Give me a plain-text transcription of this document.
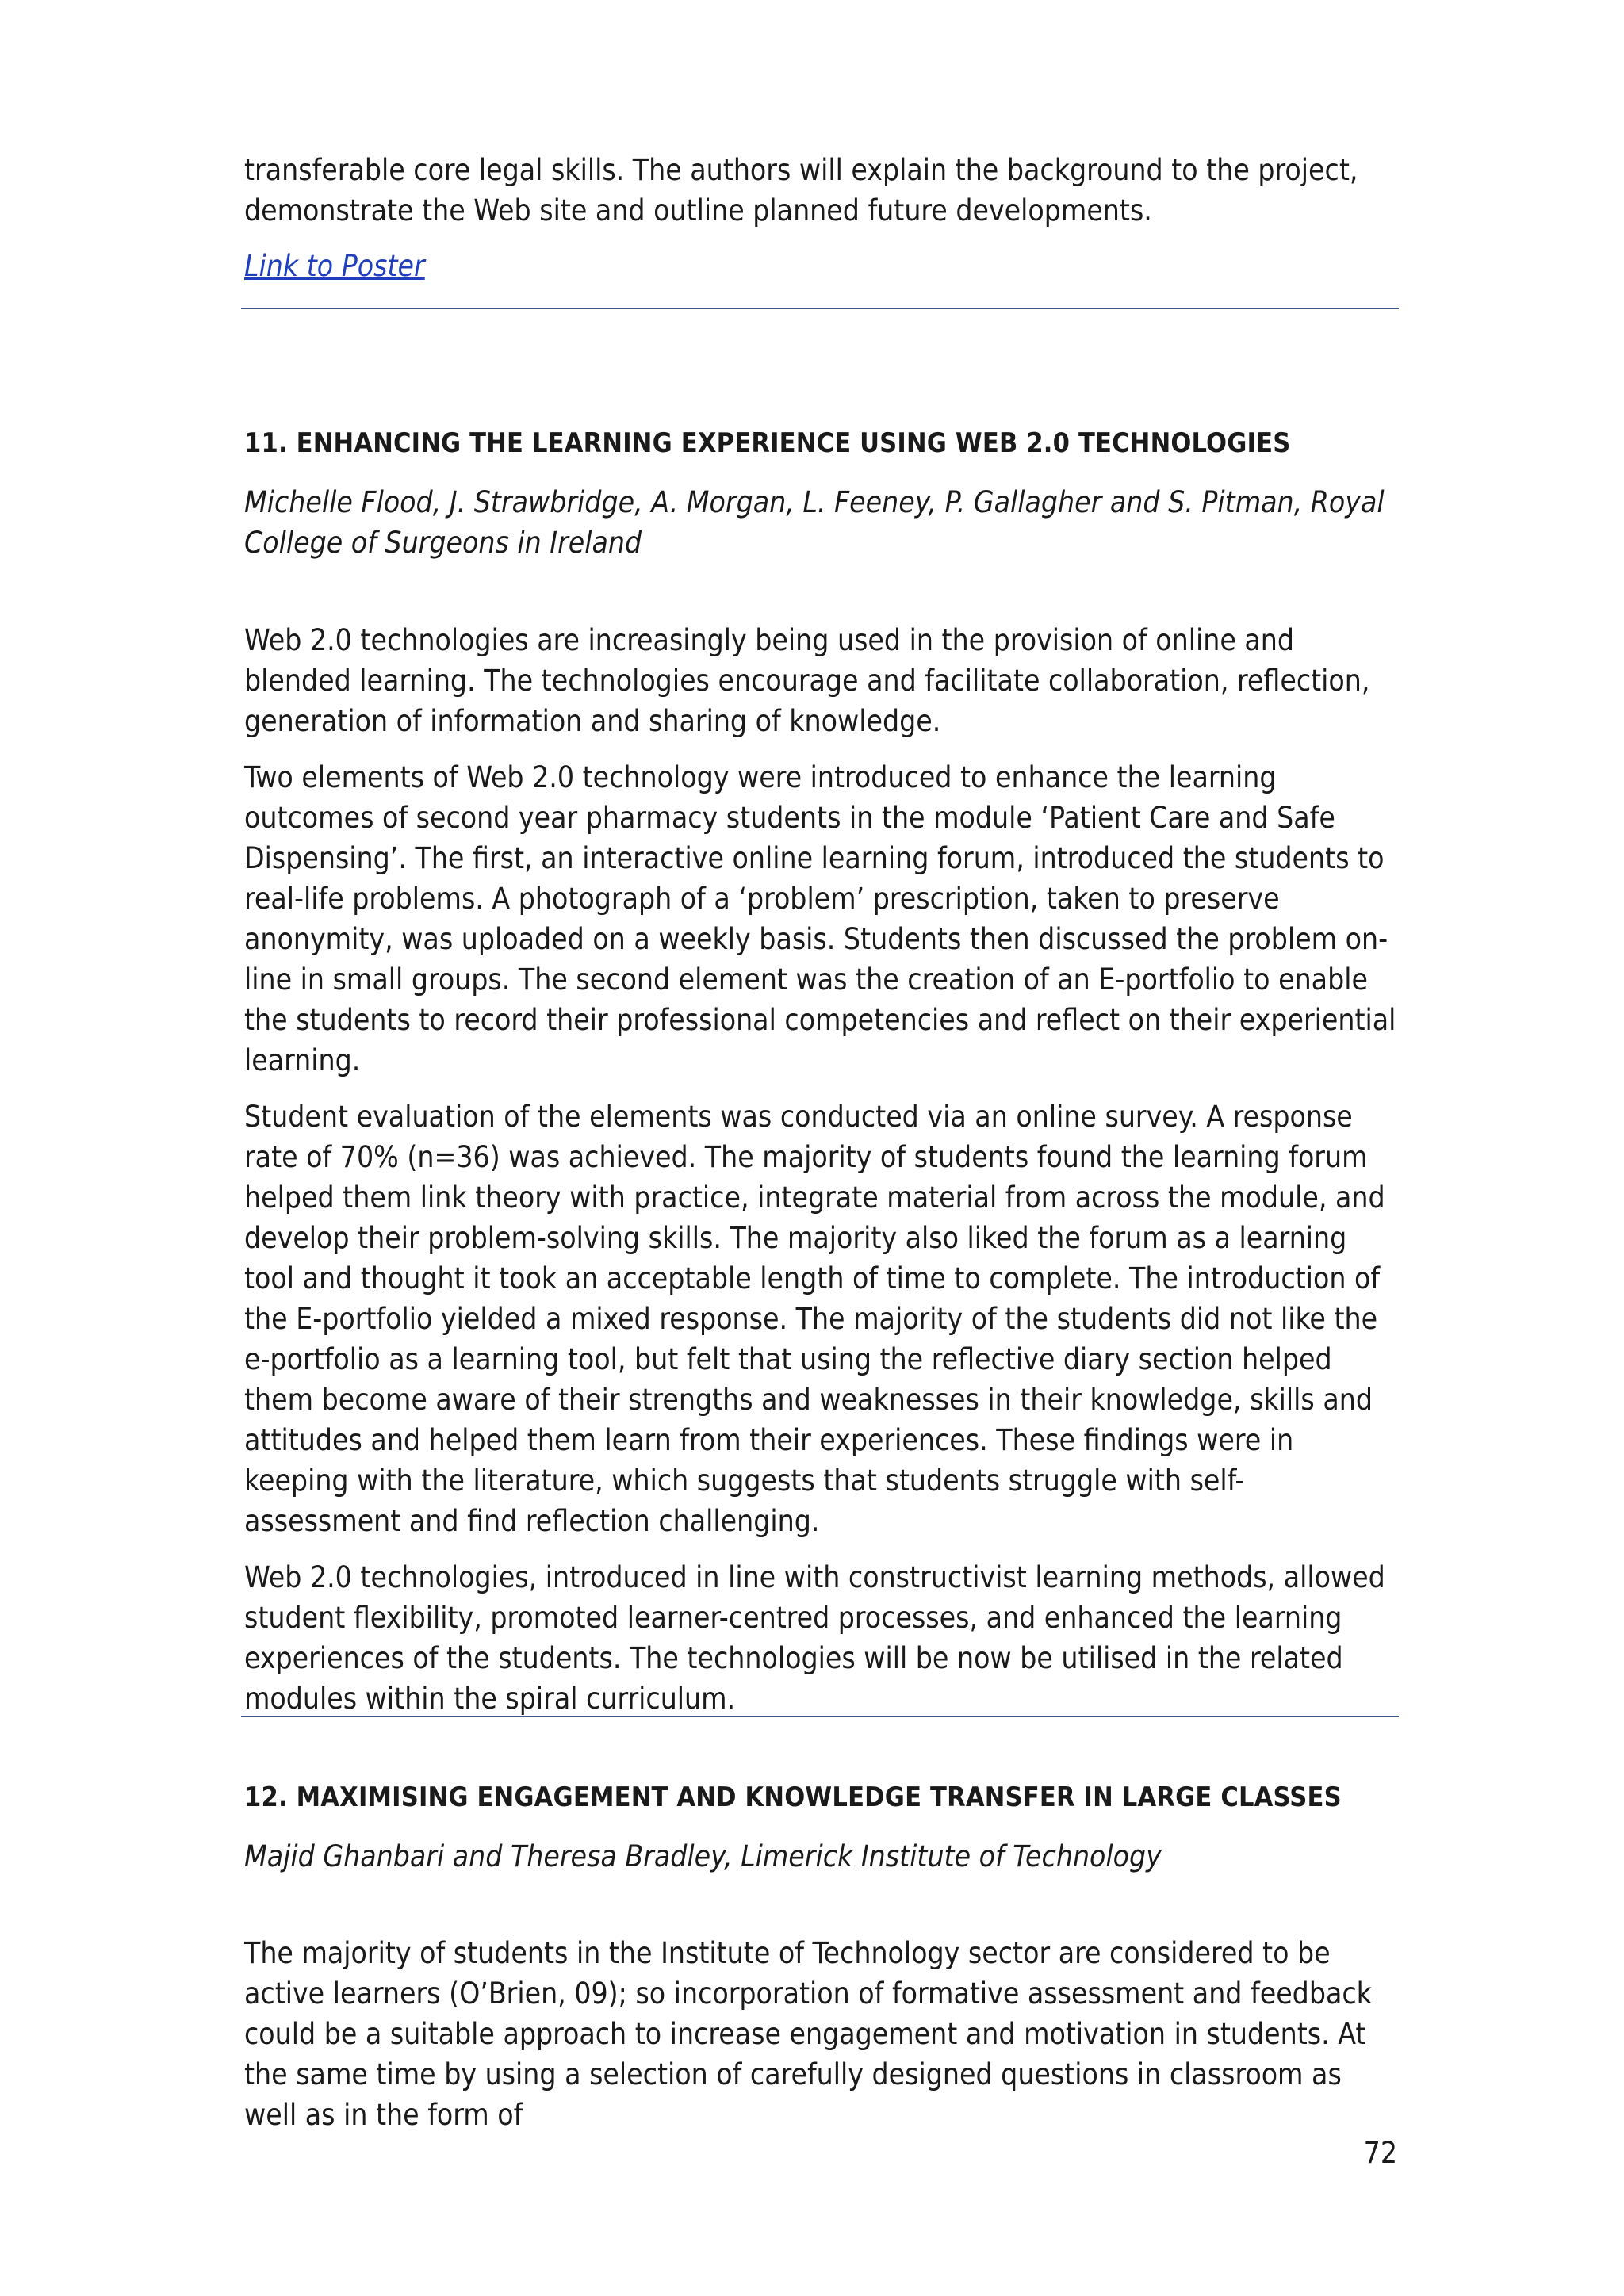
transferable core legal skills. The authors will explain the background to the project, demonstrate the Web site and outline planned future developments.

Link to Poster
11. ENHANCING THE LEARNING EXPERIENCE USING WEB 2.0 TECHNOLOGIES

Michelle Flood, J. Strawbridge, A. Morgan, L. Feeney, P. Gallagher and S. Pitman, Royal College of Surgeons in Ireland

Web 2.0 technologies are increasingly being used in the provision of online and blended learning. The technologies encourage and facilitate collaboration, reflection, generation of information and sharing of knowledge.

Two elements of Web 2.0 technology were introduced to enhance the learning outcomes of second year pharmacy students in the module ‘Patient Care and Safe Dispensing’. The first, an interactive online learning forum, introduced the students to real-life problems. A photograph of a ‘problem’ prescription, taken to preserve anonymity, was uploaded on a weekly basis. Students then discussed the problem on-line in small groups. The second element was the creation of an E-portfolio to enable the students to record their professional competencies and reflect on their experiential learning.

Student evaluation of the elements was conducted via an online survey. A response rate of 70% (n=36) was achieved. The majority of students found the learning forum helped them link theory with practice, integrate material from across the module, and develop their problem-solving skills. The majority also liked the forum as a learning tool and thought it took an acceptable length of time to complete. The introduction of the E-portfolio yielded a mixed response. The majority of the students did not like the e-portfolio as a learning tool, but felt that using the reflective diary section helped them become aware of their strengths and weaknesses in their knowledge, skills and attitudes and helped them learn from their experiences. These findings were in keeping with the literature, which suggests that students struggle with self-assessment and find reflection challenging.

Web 2.0 technologies, introduced in line with constructivist learning methods, allowed student flexibility, promoted learner-centred processes, and enhanced the learning experiences of the students. The technologies will be now be utilised in the related modules within the spiral curriculum.

12. MAXIMISING ENGAGEMENT AND KNOWLEDGE TRANSFER IN LARGE CLASSES

Majid Ghanbari and Theresa Bradley, Limerick Institute of Technology

The majority of students in the Institute of Technology sector are considered to be active learners (O’Brien, 09); so incorporation of formative assessment and feedback could be a suitable approach to increase engagement and motivation in students. At the same time by using a selection of carefully designed questions in classroom as well as in the form of

72
